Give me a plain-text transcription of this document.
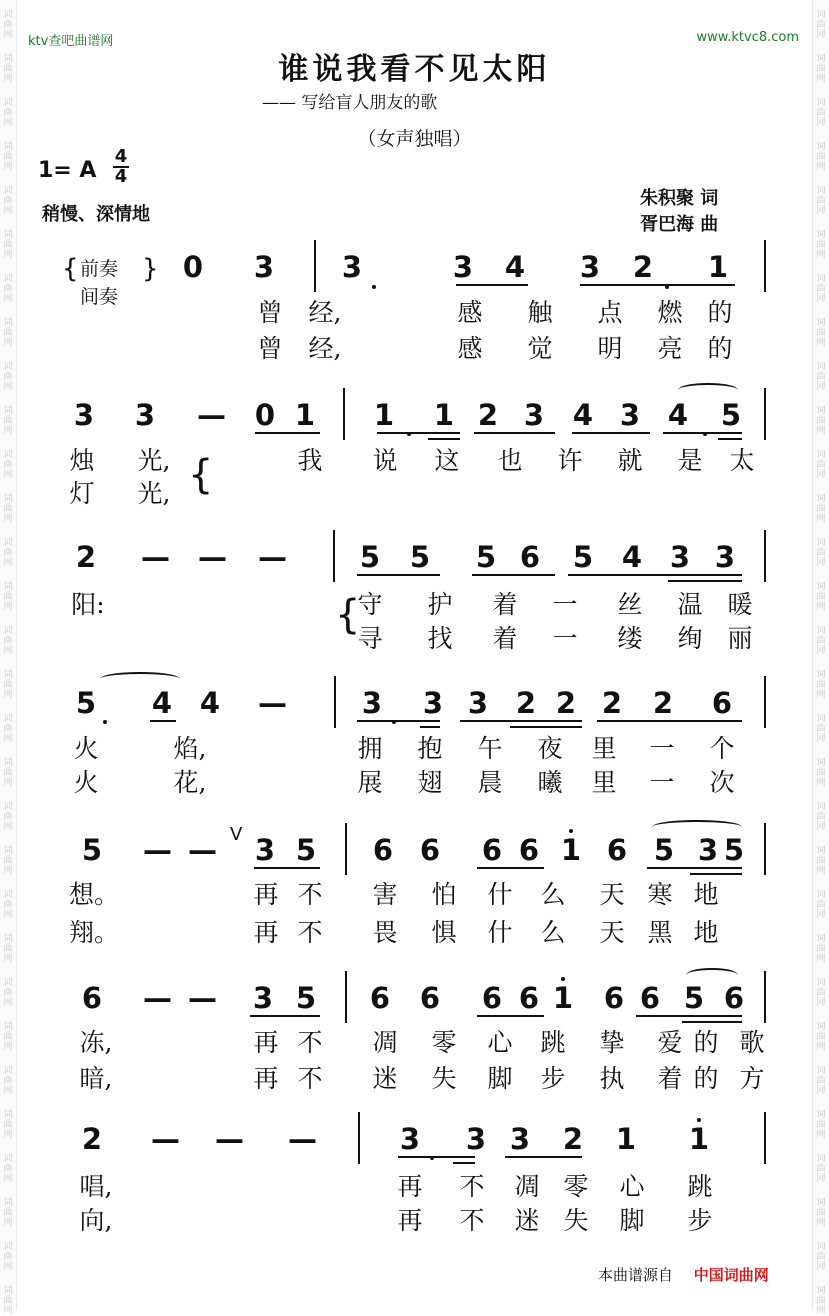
词
曲
网
词
曲
网
词
曲
网
词
曲
网
词
曲
网
词
曲
网
词
曲
网
词
曲
网
词
曲
网
词
曲
网
词
曲
网
词
曲
网
词
曲
网
词
曲
网
词
曲
网
词
曲
网
词
曲
网
词
曲
网
词
曲
网
词
曲
网
词
曲
网
词
曲
网
词
曲
网
词
曲
网
词
曲
网
词
曲
网
词
曲
网
词
曲
网
词
曲
网
词
曲
网
词
曲
网
词
曲
网
词
曲
网
词
曲
网
词
曲
网
词
曲
网
词
曲
网
词
曲
网
词
曲
网
词
曲
网
词
曲
网
词
曲
网
词
曲
网
词
曲
网
词
曲
网
词
曲
网
词
曲
网
词
曲
网
词
曲
网
词
曲
网
词
曲
网
词
曲
网
词
曲
网
词
曲
网
词
曲
网
词
曲
网
词
曲
网
词
曲
网
词
曲
网
词
曲
网
ktv查吧曲谱网	www.ktvc8.com
谁说我看不见太阳
—— 写给盲人朋友的歌
（女声独唱）
1= A
4
4
稍慢、深情地
朱积聚 词
胥巴海 曲
{ 前奏
间奏
} 0 3 3	3 4 3 2 1
曾 经,	感 触 点 燃 的
曾 经,	感 觉 明 亮 的
3 3 — 0 1 1 1 2 3 4 3 4 5
烛 光,	我 说 这 也 许 就 是 太
灯 光,
2 — — —	5 5 5 6 5 4 3 3
阳:	守 护 着 一 丝 温 暖
寻 找 着 一 缕 绚 丽
5 4 4 —	3 3 3 2 2 2 2 6
火	焰,	拥 抱 午 夜 里 一 个
火	花,	展 翅 晨 曦 里 一 次
5 — — 3 5 6 6 6 6 1 6 5 3 5
想。	再 不 害 怕 什 么 天 寒 地
翔。	再 不 畏 惧 什 么 天 黑 地
6 — — 3 5 6 6 6 6 1 6 6 5 6
冻,	再 不 凋 零 心 跳 挚 爱 的 歌
暗,	再 不 迷 失 脚 步 执 着 的 方
2 — — —	3 3 3 2 1 1
唱,	再 不 凋 零 心 跳
向,	再 不 迷 失 脚 步
V
{
{
本曲谱源自 中国词曲网
